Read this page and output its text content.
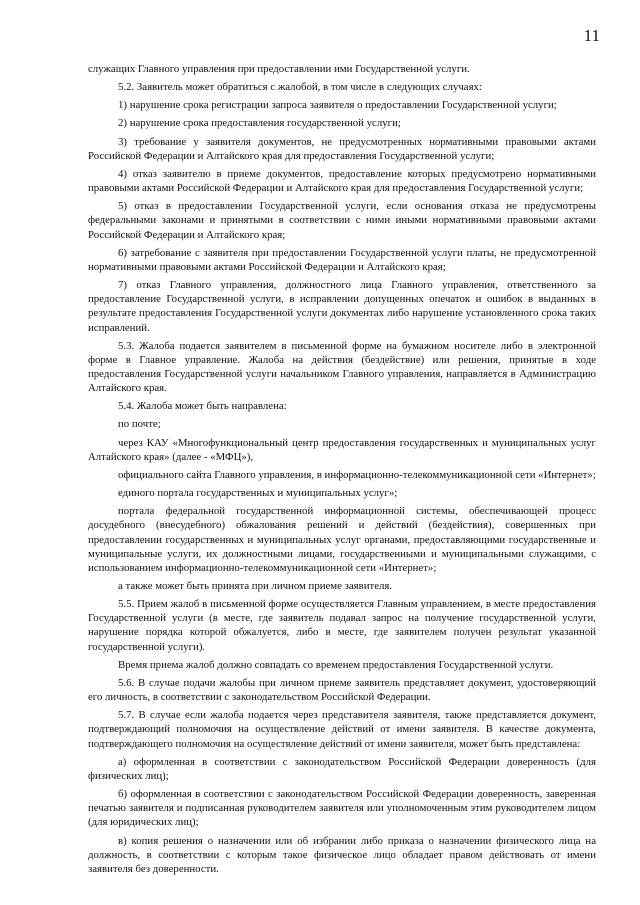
11

служащих Главного управления при предоставлении ими Государственной услуги.

5.2. Заявитель может обратиться с жалобой, в том числе в следующих случаях:

1) нарушение срока регистрации запроса заявителя о предоставлении Государственной услуги;

2) нарушение срока предоставления государственной услуги;

3) требование у заявителя документов, не предусмотренных нормативными правовыми актами Российской Федерации и Алтайского края для предоставления Государственной услуги;

4) отказ заявителю в приеме документов, предоставление которых предусмотрено нормативными правовыми актами Российской Федерации и Алтайского края для предоставления Государственной услуги;

5) отказ в предоставлении Государственной услуги, если основания отказа не предусмотрены федеральными законами и принятыми в соответствии с ними иными нормативными правовыми актами Российской Федерации и Алтайского края;

6) затребование с заявителя при предоставлении Государственной услуги платы, не предусмотренной нормативными правовыми актами Российской Федерации и Алтайского края;

7) отказ Главного управления, должностного лица Главного управления, ответственного за предоставление Государственной услуги, в исправлении допущенных опечаток и ошибок в выданных в результате предоставления Государственной услуги документах либо нарушение установленного срока таких исправлений.

5.3. Жалоба подается заявителем в письменной форме на бумажном носителе либо в электронной форме в Главное управление. Жалоба на действия (бездействие) или решения, принятые в ходе предоставления Государственной услуги начальником Главного управления, направляется в Администрацию Алтайского края.

5.4. Жалоба может быть направлена:

по почте;

через КАУ «Многофункциональный центр предоставления государственных и муниципальных услуг Алтайского края» (далее - «МФЦ»),

официального сайта Главного управления, в информационно-телекоммуникационной сети «Интернет»;

единого портала государственных и муниципальных услуг»;

портала федеральной государственной информационной системы, обеспечивающей процесс досудебного (внесудебного) обжалования решений и действий (бездействия), совершенных при предоставлении государственных и муниципальных услуг органами, предоставляющими государственные и муниципальные услуги, их должностными лицами, государственными и муниципальными служащими, с использованием информационно-телекоммуникационной сети «Интернет»;

а также может быть принята при личном приеме заявителя.

5.5. Прием жалоб в письменной форме осуществляется Главным управлением, в месте предоставления Государственной услуги (в месте, где заявитель подавал запрос на получение государственной услуги, нарушение порядка которой обжалуется, либо в месте, где заявителем получен результат указанной государственной услуги).

Время приема жалоб должно совпадать со временем предоставления Государственной услуги.

5.6. В случае подачи жалобы при личном приеме заявитель представляет документ, удостоверяющий его личность, в соответствии с законодательством Российской Федерации.

5.7. В случае если жалоба подается через представителя заявителя, также представляется документ, подтверждающий полномочия на осуществление действий от имени заявителя. В качестве документа, подтверждающего полномочия на осуществление действий от имени заявителя, может быть представлена:

а) оформленная в соответствии с законодательством Российской Федерации доверенность (для физических лиц);

б) оформленная в соответствии с законодательством Российской Федерации доверенность, заверенная печатью заявителя и подписанная руководителем заявителя или уполномоченным этим руководителем лицом (для юридических лиц);

в) копия решения о назначении или об избрании либо приказа о назначении физического лица на должность, в соответствии с которым такое физическое лицо обладает правом действовать от имени заявителя без доверенности.
